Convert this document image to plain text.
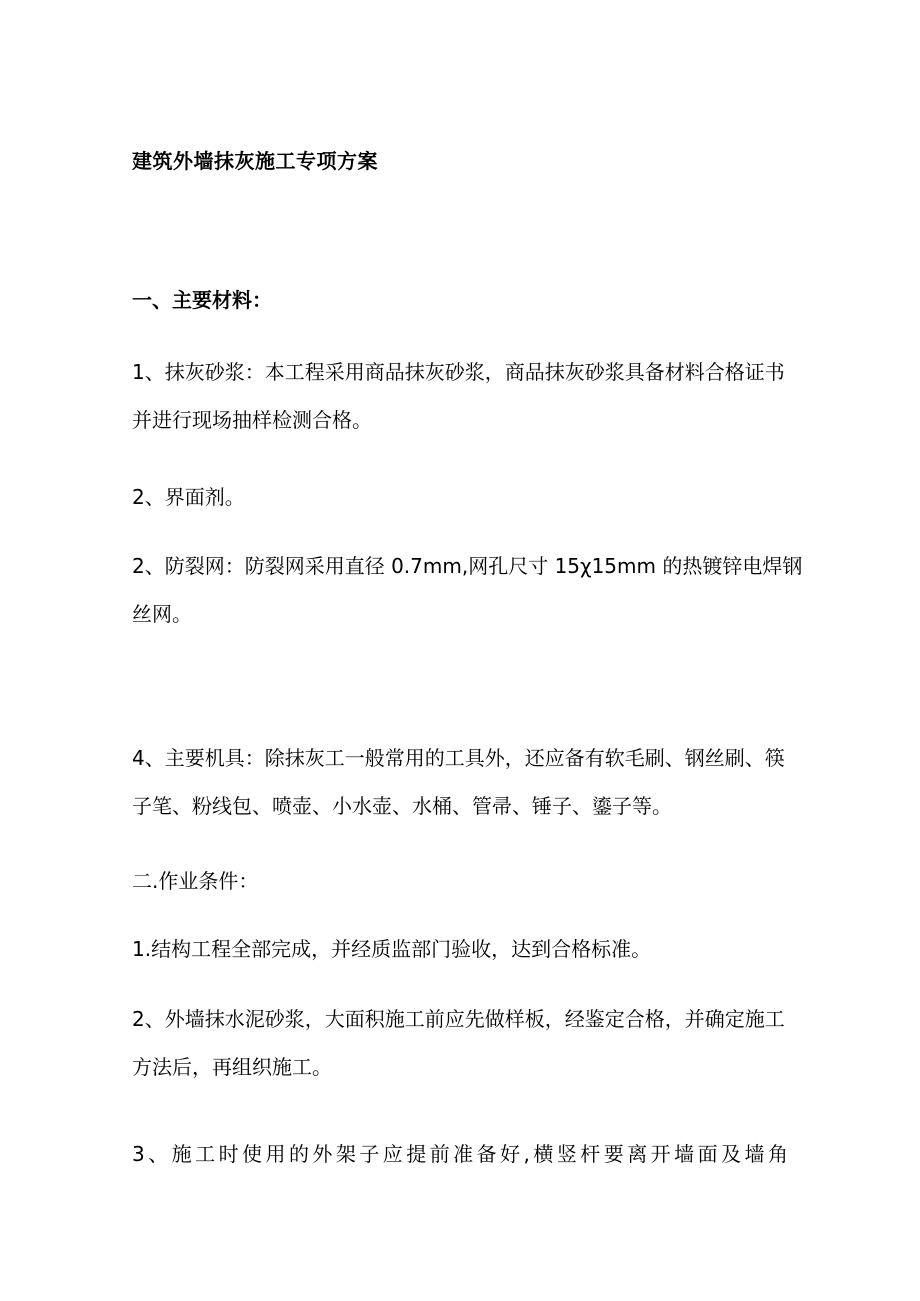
建筑外墙抹灰施工专项方案
一、主要材料：
1、抹灰砂浆：本工程采用商品抹灰砂浆，商品抹灰砂浆具备材料合格证书
并进行现场抽样检测合格。
2、界面剂。
2、防裂网：防裂网采用直径 0.7mm,网孔尺寸 15χ15mm 的热镀锌电焊钢
丝网。
4、主要机具：除抹灰工一般常用的工具外，还应备有软毛刷、钢丝刷、筷
子笔、粉线包、喷壶、小水壶、水桶、管帚、锤子、鎏子等。
二.作业条件：
1.结构工程全部完成，并经质监部门验收，达到合格标准。
2、外墙抹水泥砂浆，大面积施工前应先做样板，经鉴定合格，并确定施工
方法后，再组织施工。
3、施工时使用的外架子应提前准备好,横竖杆要离开墙面及墙角
